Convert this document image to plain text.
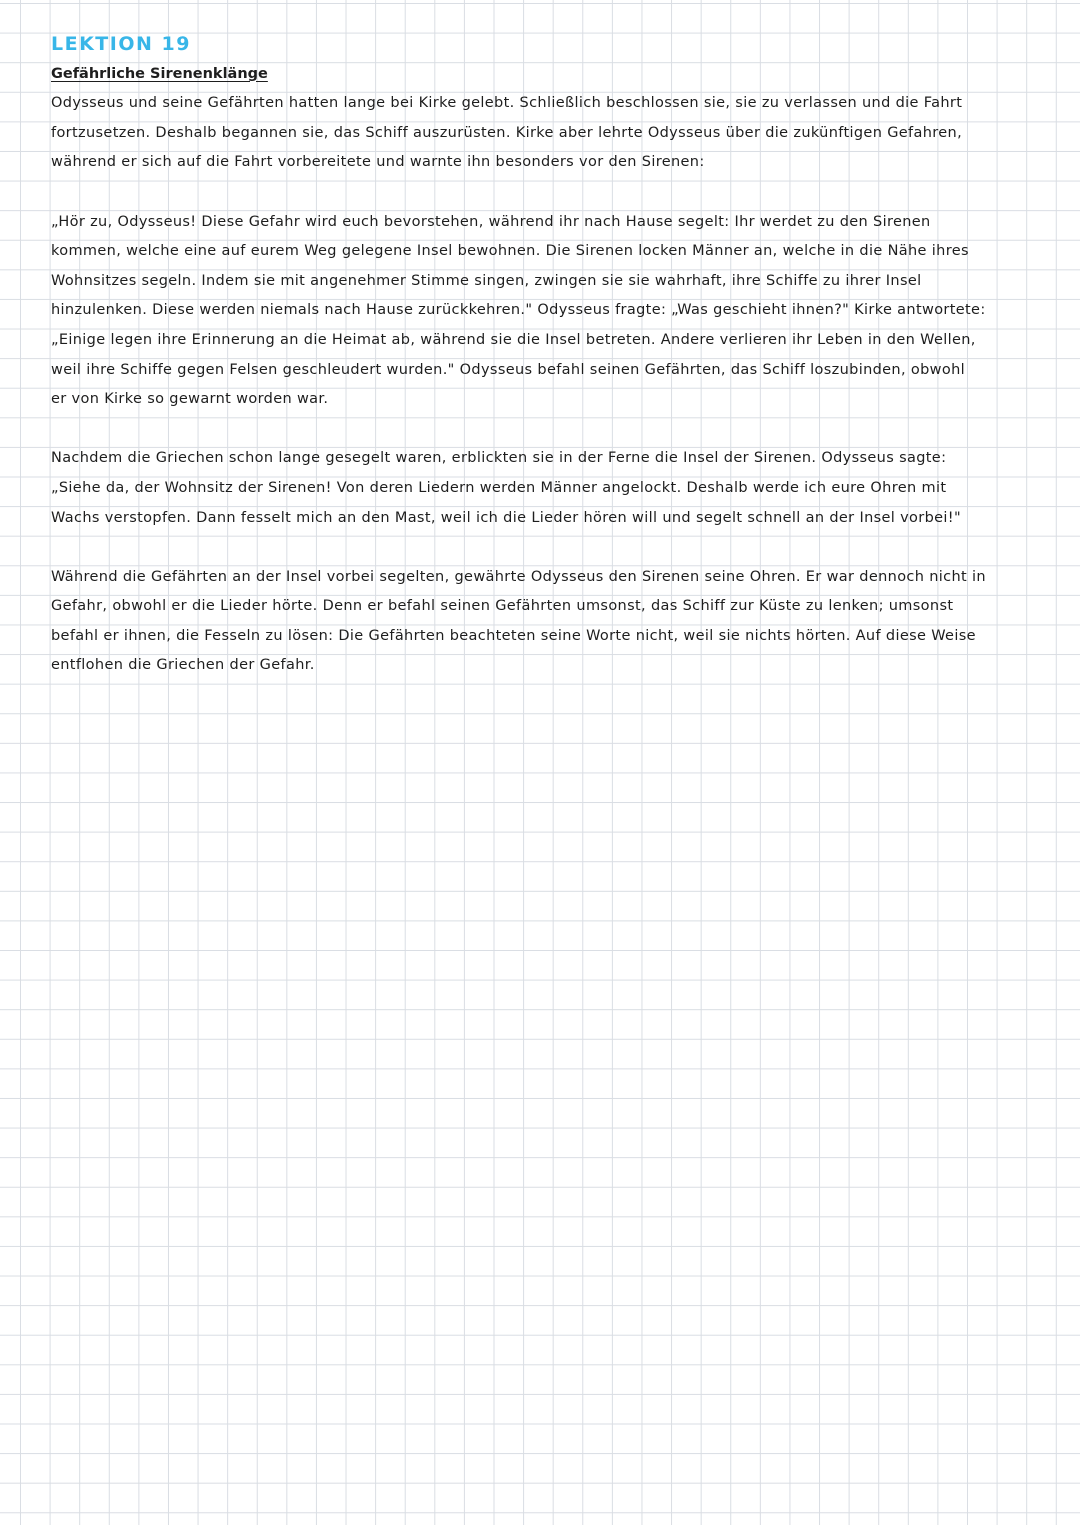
LEKTION 19
Gefährliche Sirenenklänge

Odysseus und seine Gefährten hatten lange bei Kirke gelebt. Schließlich beschlossen sie, sie zu verlassen und die Fahrt
fortzusetzen. Deshalb begannen sie, das Schiff auszurüsten. Kirke aber lehrte Odysseus über die zukünftigen Gefahren,
während er sich auf die Fahrt vorbereitete und warnte ihn besonders vor den Sirenen:

„Hör zu, Odysseus! Diese Gefahr wird euch bevorstehen, während ihr nach Hause segelt: Ihr werdet zu den Sirenen
kommen, welche eine auf eurem Weg gelegene Insel bewohnen. Die Sirenen locken Männer an, welche in die Nähe ihres
Wohnsitzes segeln. Indem sie mit angenehmer Stimme singen, zwingen sie sie wahrhaft, ihre Schiffe zu ihrer Insel
hinzulenken. Diese werden niemals nach Hause zurückkehren." Odysseus fragte: „Was geschieht ihnen?" Kirke antwortete:
„Einige legen ihre Erinnerung an die Heimat ab, während sie die Insel betreten. Andere verlieren ihr Leben in den Wellen,
weil ihre Schiffe gegen Felsen geschleudert wurden." Odysseus befahl seinen Gefährten, das Schiff loszubinden, obwohl
er von Kirke so gewarnt worden war.

Nachdem die Griechen schon lange gesegelt waren, erblickten sie in der Ferne die Insel der Sirenen. Odysseus sagte:
„Siehe da, der Wohnsitz der Sirenen! Von deren Liedern werden Männer angelockt. Deshalb werde ich eure Ohren mit
Wachs verstopfen. Dann fesselt mich an den Mast, weil ich die Lieder hören will und segelt schnell an der Insel vorbei!"

Während die Gefährten an der Insel vorbei segelten, gewährte Odysseus den Sirenen seine Ohren. Er war dennoch nicht in
Gefahr, obwohl er die Lieder hörte. Denn er befahl seinen Gefährten umsonst, das Schiff zur Küste zu lenken; umsonst
befahl er ihnen, die Fesseln zu lösen: Die Gefährten beachteten seine Worte nicht, weil sie nichts hörten. Auf diese Weise
entflohen die Griechen der Gefahr.
